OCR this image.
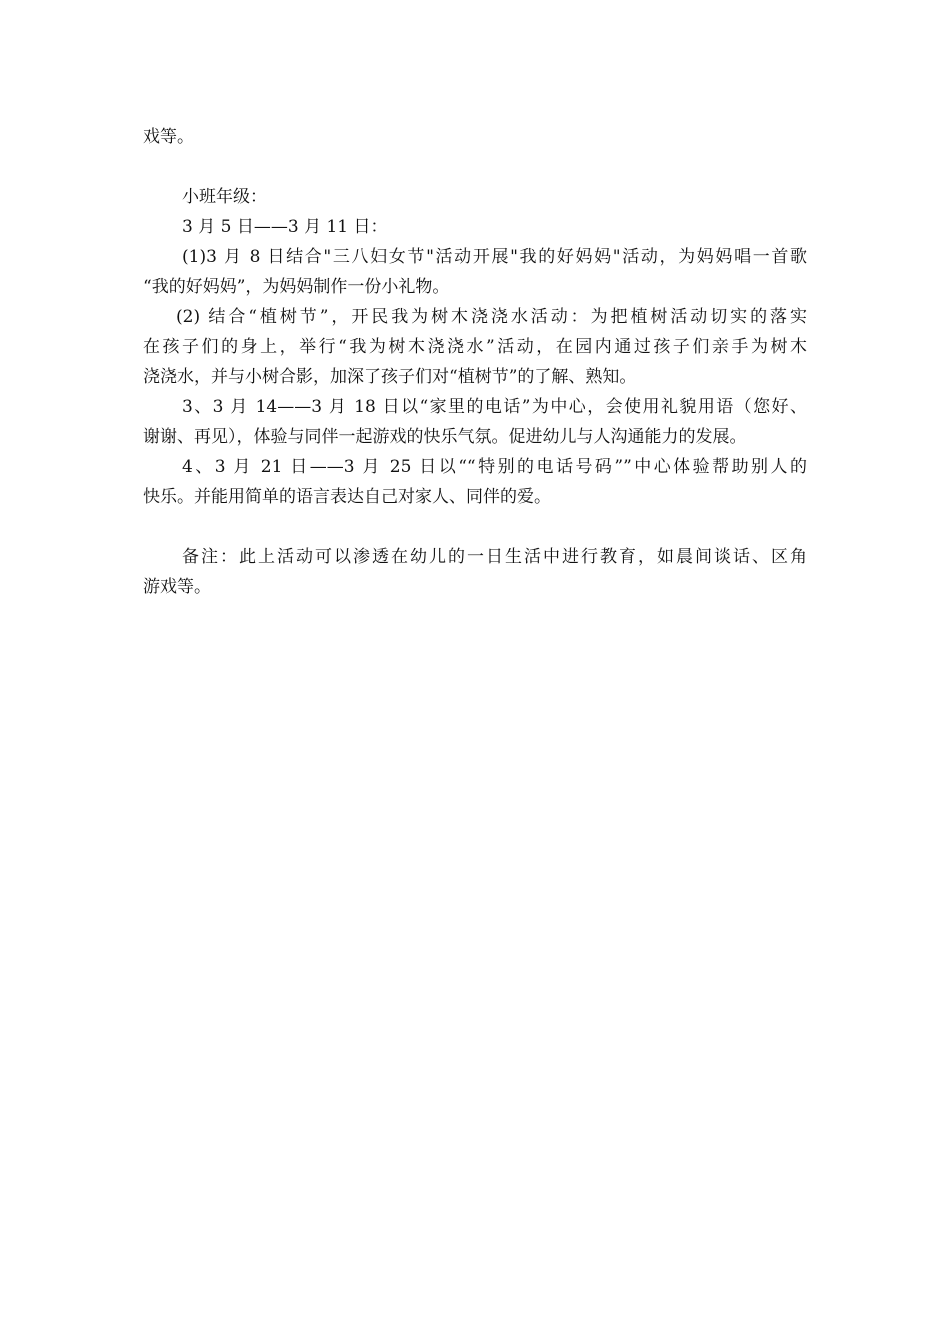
戏等。
小班年级：
3 月 5 日——3 月 11 日：
(1)3 月 8 日结合"三八妇女节"活动开展"我的好妈妈"活动，为妈妈唱一首歌
“我的好妈妈”，为妈妈制作一份小礼物。
(2) 结合“植树节”，开民我为树木浇浇水活动：为把植树活动切实的落实
在孩子们的身上，举行“我为树木浇浇水”活动，在园内通过孩子们亲手为树木
浇浇水，并与小树合影，加深了孩子们对“植树节”的了解、熟知。
3、3 月 14——3 月 18 日以“家里的电话”为中心，会使用礼貌用语（您好、
谢谢、再见），体验与同伴一起游戏的快乐气氛。促进幼儿与人沟通能力的发展。
4、3 月 21 日——3 月 25 日以““特别的电话号码””中心体验帮助别人的
快乐。并能用简单的语言表达自己对家人、同伴的爱。
备注：此上活动可以渗透在幼儿的一日生活中进行教育，如晨间谈话、区角
游戏等。
